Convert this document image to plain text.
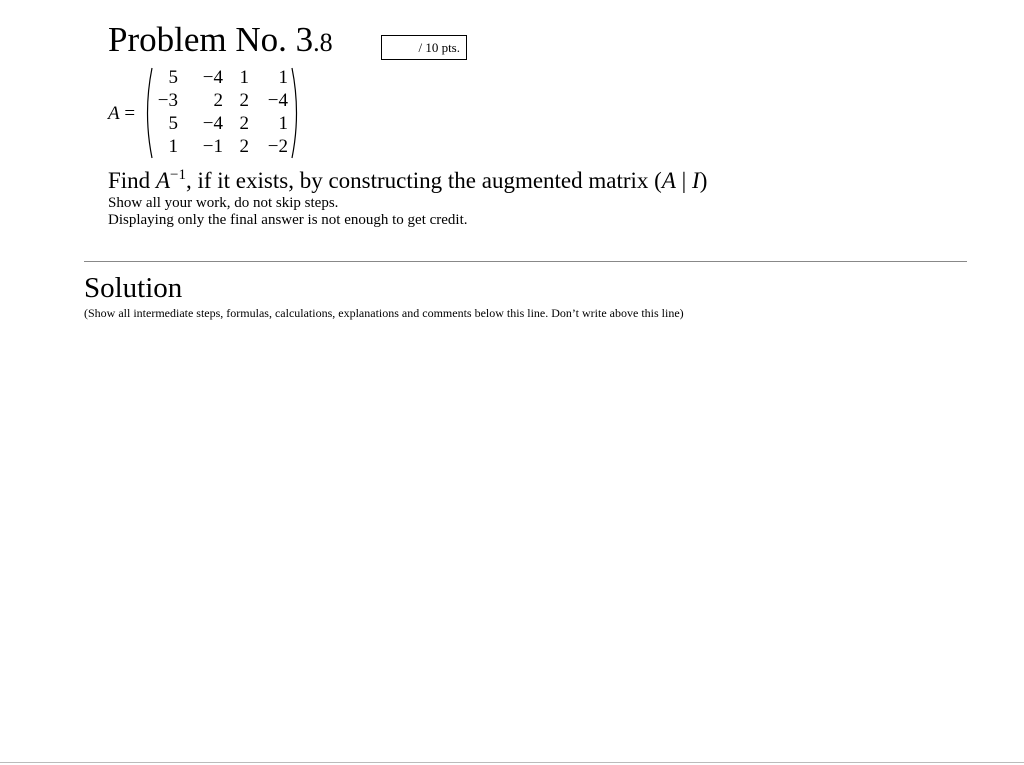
Problem No. 3.8	/ 10 pts.
A =
5	−4 1	1
−3	2 2 −4
5	−4 2	1
1	−1 2 −2
Find $A^{-1}$, if it exists, by constructing the augmented matrix (A | I)
Show all your work, do not skip steps.
Displaying only the final answer is not enough to get credit.
Solution
(Show all intermediate steps, formulas, calculations, explanations and comments below this line. Don’t write above this line)
